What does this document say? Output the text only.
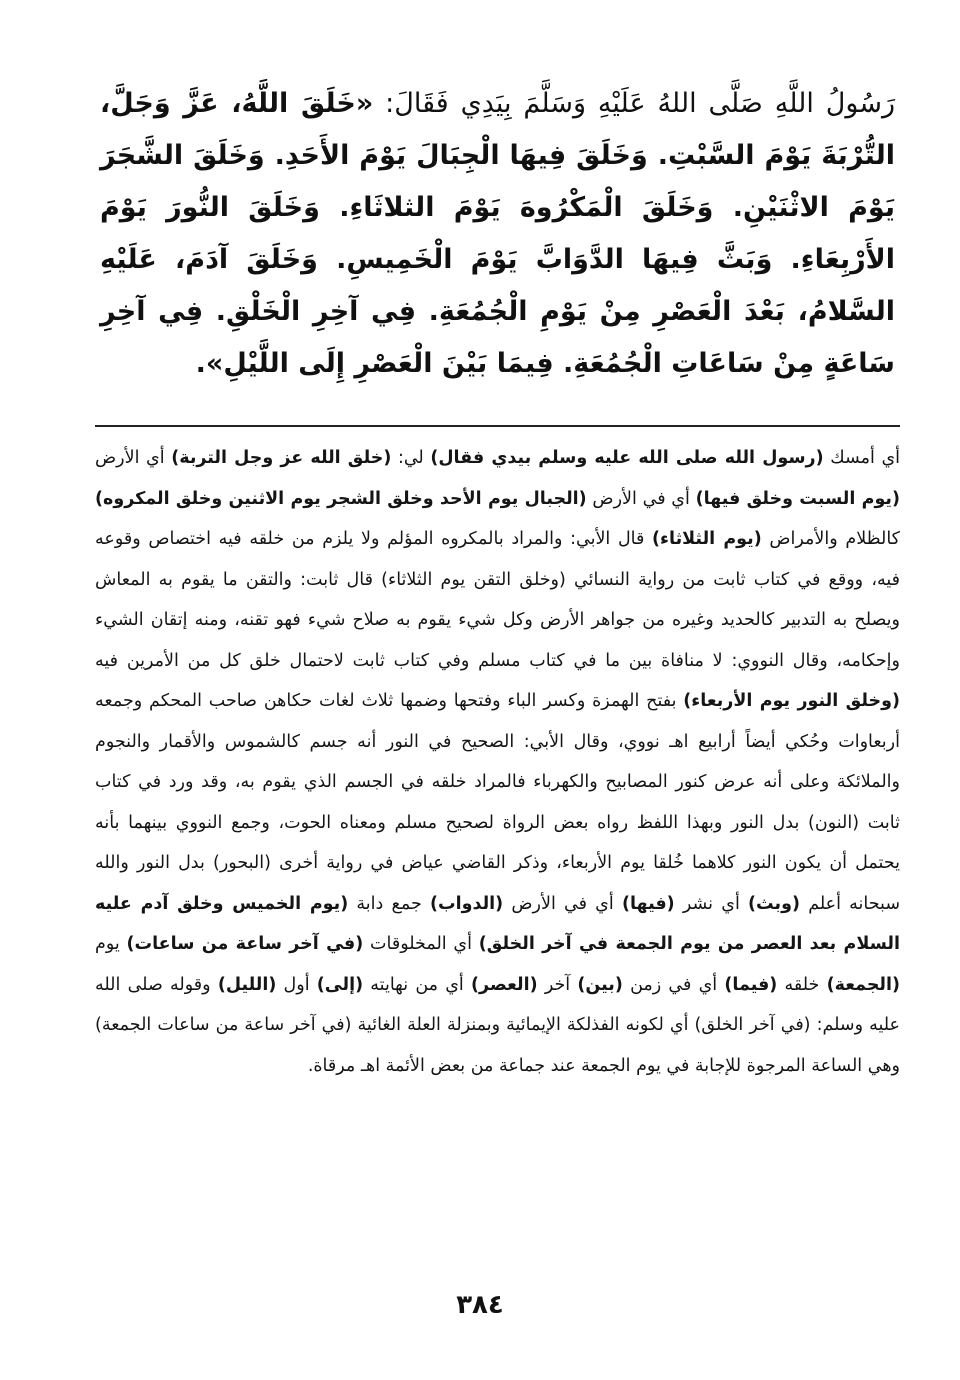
رَسُولُ اللَّهِ صَلَّى اللهُ عَلَيْهِ وَسَلَّمَ بِيَدِي فَقَالَ: «خَلَقَ اللَّهُ، عَزَّ وَجَلَّ، التُّرْبَةَ يَوْمَ السَّبْتِ. وَخَلَقَ فِيهَا الْجِبَالَ يَوْمَ الأَحَدِ. وَخَلَقَ الشَّجَرَ يَوْمَ الاثْنَيْنِ. وَخَلَقَ الْمَكْرُوهَ يَوْمَ الثلاثَاءِ. وَخَلَقَ النُّورَ يَوْمَ الأَرْبِعَاءِ. وَبَثَّ فِيهَا الدَّوَابَّ يَوْمَ الْخَمِيسِ. وَخَلَقَ آدَمَ، عَلَيْهِ السَّلامُ، بَعْدَ الْعَصْرِ مِنْ يَوْمِ الْجُمُعَةِ. فِي آخِرِ الْخَلْقِ. فِي آخِرِ سَاعَةٍ مِنْ سَاعَاتِ الْجُمُعَةِ. فِيمَا بَيْنَ الْعَصْرِ إِلَى اللَّيْلِ».
أي أمسك (رسول الله صلى الله عليه وسلم بيدي فقال) لي: (خلق الله عز وجل التربة) أي الأرض (يوم السبت وخلق فيها) أي في الأرض (الجبال يوم الأحد وخلق الشجر يوم الاثنين وخلق المكروه) كالظلام والأمراض (يوم الثلاثاء) قال الأبي: والمراد بالمكروه المؤلم ولا يلزم من خلقه فيه اختصاص وقوعه فيه، ووقع في كتاب ثابت من رواية النسائي (وخلق التقن يوم الثلاثاء) قال ثابت: والتقن ما يقوم به المعاش ويصلح به التدبير كالحديد وغيره من جواهر الأرض وكل شيء يقوم به صلاح شيء فهو تقنه، ومنه إتقان الشيء وإحكامه، وقال النووي: لا منافاة بين ما في كتاب مسلم وفي كتاب ثابت لاحتمال خلق كل من الأمرين فيه (وخلق النور يوم الأربعاء) بفتح الهمزة وكسر الباء وفتحها وضمها ثلاث لغات حكاهن صاحب المحكم وجمعه أربعاوات وحُكي أيضاً أرابيع اهـ نووي، وقال الأبي: الصحيح في النور أنه جسم كالشموس والأقمار والنجوم والملائكة وعلى أنه عرض كنور المصابيح والكهرباء فالمراد خلقه في الجسم الذي يقوم به، وقد ورد في كتاب ثابت (النون) بدل النور وبهذا اللفظ رواه بعض الرواة لصحيح مسلم ومعناه الحوت، وجمع النووي بينهما بأنه يحتمل أن يكون النور كلاهما خُلقا يوم الأربعاء، وذكر القاضي عياض في رواية أخرى (البحور) بدل النور والله سبحانه أعلم (وبث) أي نشر (فيها) أي في الأرض (الدواب) جمع دابة (يوم الخميس وخلق آدم عليه السلام بعد العصر من يوم الجمعة في آخر الخلق) أي المخلوقات (في آخر ساعة من ساعات) يوم (الجمعة) خلقه (فيما) أي في زمن (بين) آخر (العصر) أي من نهايته (إلى) أول (الليل) وقوله صلى الله عليه وسلم: (في آخر الخلق) أي لكونه الفذلكة الإيمائية وبمنزلة العلة الغائية (في آخر ساعة من ساعات الجمعة) وهي الساعة المرجوة للإجابة في يوم الجمعة عند جماعة من بعض الأئمة اهـ مرقاة.
٣٨٤
